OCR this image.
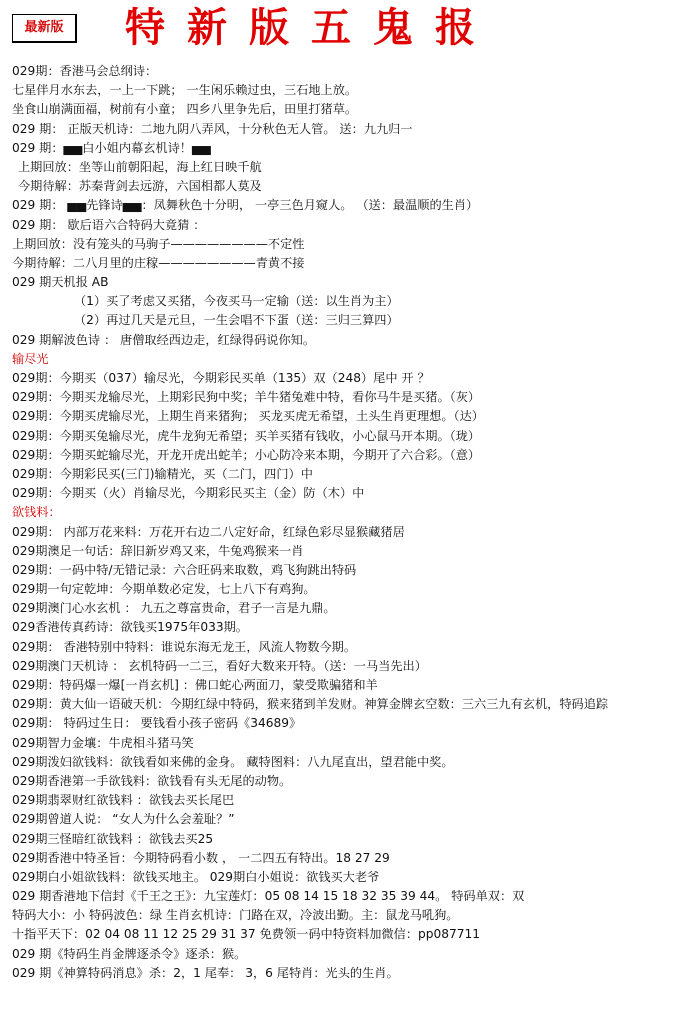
最新版	特新版五鬼报
029期：香港马会总纲诗：
七星伴月水东去，一上一下跳； 一生闲乐赖过虫，三石地上放。
坐食山崩满面福，树前有小童； 四乡八里争先后，田里打猪草。
029 期： 正版天机诗：二地九阴八弄风，十分秋色无人管。 送：九九归一
029 期：▅▅白小姐内幕玄机诗！▅▅
上期回放：坐等山前朝阳起，海上红日映千航
今期待解：苏秦背剑去远游，六国相都人莫及
029 期： ▅▅先锋诗▅▅：凤舞秋色十分明， 一亭三色月窥人。 （送：最温顺的生肖）
029 期： 歇后语六合特码大竟猜 ：
上期回放：没有笼头的马驹子————————不定性
今期待解：二八月里的庄稼————————青黄不接
029 期天机报 AB
（1）买了考虑又买猪，今夜买马一定输（送：以生肖为主）
（2）再过几天是元旦，一生会唱不下蛋（送：三归三算四）
029 期解波色诗 ： 唐僧取经西边走，红绿得码说你知。
输尽光
029期：今期买（037）输尽光，今期彩民买单（135）双（248）尾中 开 ？
029期：今期买龙输尽光，上期彩民狗中奖；羊牛猪兔难中特，看你马牛是买猪。（灰）
029期：今期买虎输尽光，上期生肖来猪狗； 买龙买虎无希望，土头生肖更理想。（达）
029期：今期买兔输尽光，虎牛龙狗无希望；买羊买猪有钱收，小心鼠马开本期。（珑）
029期：今期买蛇输尽光，开龙开虎出蛇羊；小心防冷来本期，今期开了六合彩。（意）
029期：今期彩民买(三门)输精光，买（二门，四门）中
029期：今期买（火）肖输尽光，今期彩民买主（金）防（木）中
欲钱料：
029期： 内部万花来料：万花开右边二八定好命，红绿色彩尽显猴藏猪居
029期澳足一句话：辞旧新岁鸡又来，牛兔鸡猴来一肖
029期：一码中特/无错记录：六合旺码来取数，鸡飞狗跳出特码
029期一句定乾坤：今期单数必定发，七上八下有鸡狗。
029期澳门心水玄机 ： 九五之尊富贵命，君子一言是九鼎。
029香港传真药诗：欲钱买1975年033期。
029期： 香港特别中特料：谁说东海无龙王，风流人物数今期。
029期澳门天机诗 ： 玄机特码一二三，看好大数来开特。（送：一马当先出）
029期：特码爆一爆[一肖玄机] ：佛口蛇心两面刀，蒙受欺骗猪和羊
029期：黄大仙一语破天机：今期红绿中特码，猴来猪到羊发财。神算金牌玄空数：三六三九有玄机，特码追踪
029期： 特码过生日： 要钱看小孩子密码《34689》
029期智力金壤：牛虎相斗猪马笑
029期泼妇欲钱料：欲钱看如来佛的金身。 藏特图料：八九尾直出，望君能中奖。
029期香港第一手欲钱料：欲钱看有头无尾的动物。
029期翡翠财红欲钱料 ：欲钱去买长尾巴
029期曾道人说： “女人为什么会羞耻？”
029期三怪暗红欲钱料 ：欲钱去买25
029期香港中特圣旨：今期特码看小数 ， 一二四五有特出。18 27 29
029期白小姐欲钱料：欲钱买地主。 029期白小姐说：欲钱买大老爷
029 期香港地下信封《千王之王》：九宝莲灯：05 08 14 15 18 32 35 39 44。 特码单双：双
特码大小：小 特码波色：绿 生肖玄机诗：门路在双，冷波出勤。主：鼠龙马吼狗。
十指平天下：02 04 08 11 12 25 29 31 37 免费领一码中特资料加微信：pp087711
029 期《特码生肖金牌逐杀令》逐杀：猴。
029 期《神算特码消息》杀：2，1 尾奉： 3，6 尾特肖：光头的生肖。
